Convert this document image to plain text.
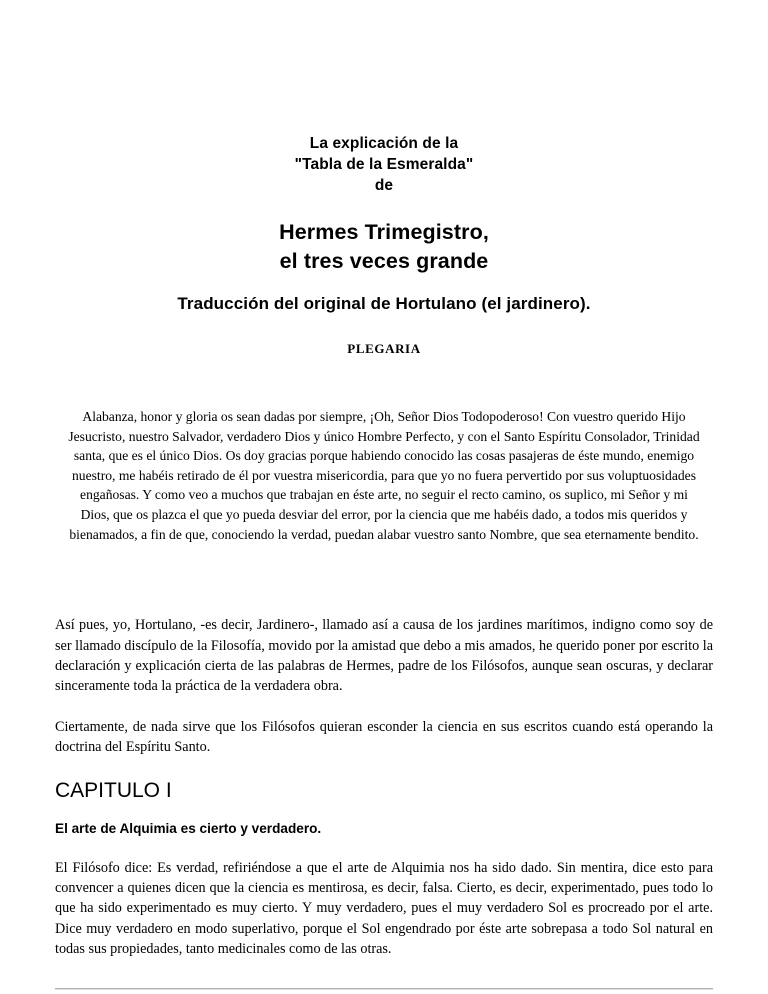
La explicación de la
"Tabla de la Esmeralda"
de
Hermes Trimegistro,
el tres veces grande
Traducción del original de Hortulano (el jardinero).
PLEGARIA

Alabanza, honor y gloria os sean dadas por siempre, ¡Oh, Señor Dios Todopoderoso! Con vuestro querido Hijo Jesucristo, nuestro Salvador, verdadero Dios y único Hombre Perfecto, y con el Santo Espíritu Consolador, Trinidad santa, que es el único Dios. Os doy gracias porque habiendo conocido las cosas pasajeras de éste mundo, enemigo nuestro, me habéis retirado de él por vuestra misericordia, para que yo no fuera pervertido por sus voluptuosidades engañosas. Y como veo a muchos que trabajan en éste arte, no seguir el recto camino, os suplico, mi Señor y mi Dios, que os plazca el que yo pueda desviar del error, por la ciencia que me habéis dado, a todos mis queridos y bienamados, a fin de que, conociendo la verdad, puedan alabar vuestro santo Nombre, que sea eternamente bendito.

Así pues, yo, Hortulano, -es decir, Jardinero-, llamado así a causa de los jardines marítimos, indigno como soy de ser llamado discípulo de la Filosofía, movido por la amistad que debo a mis amados, he querido poner por escrito la declaración y explicación cierta de las palabras de Hermes, padre de los Filósofos, aunque sean oscuras, y declarar sinceramente toda la práctica de la verdadera obra.

Ciertamente, de nada sirve que los Filósofos quieran esconder la ciencia en sus escritos cuando está operando la doctrina del Espíritu Santo.

CAPITULO I
El arte de Alquimia es cierto y verdadero.

El Filósofo dice: Es verdad, refiriéndose a que el arte de Alquimia nos ha sido dado. Sin mentira, dice esto para convencer a quienes dicen que la ciencia es mentirosa, es decir, falsa. Cierto, es decir, experimentado, pues todo lo que ha sido experimentado es muy cierto. Y muy verdadero, pues el muy verdadero Sol es procreado por el arte. Dice muy verdadero en modo superlativo, porque el Sol engendrado por éste arte sobrepasa a todo Sol natural en todas sus propiedades, tanto medicinales como de las otras.
